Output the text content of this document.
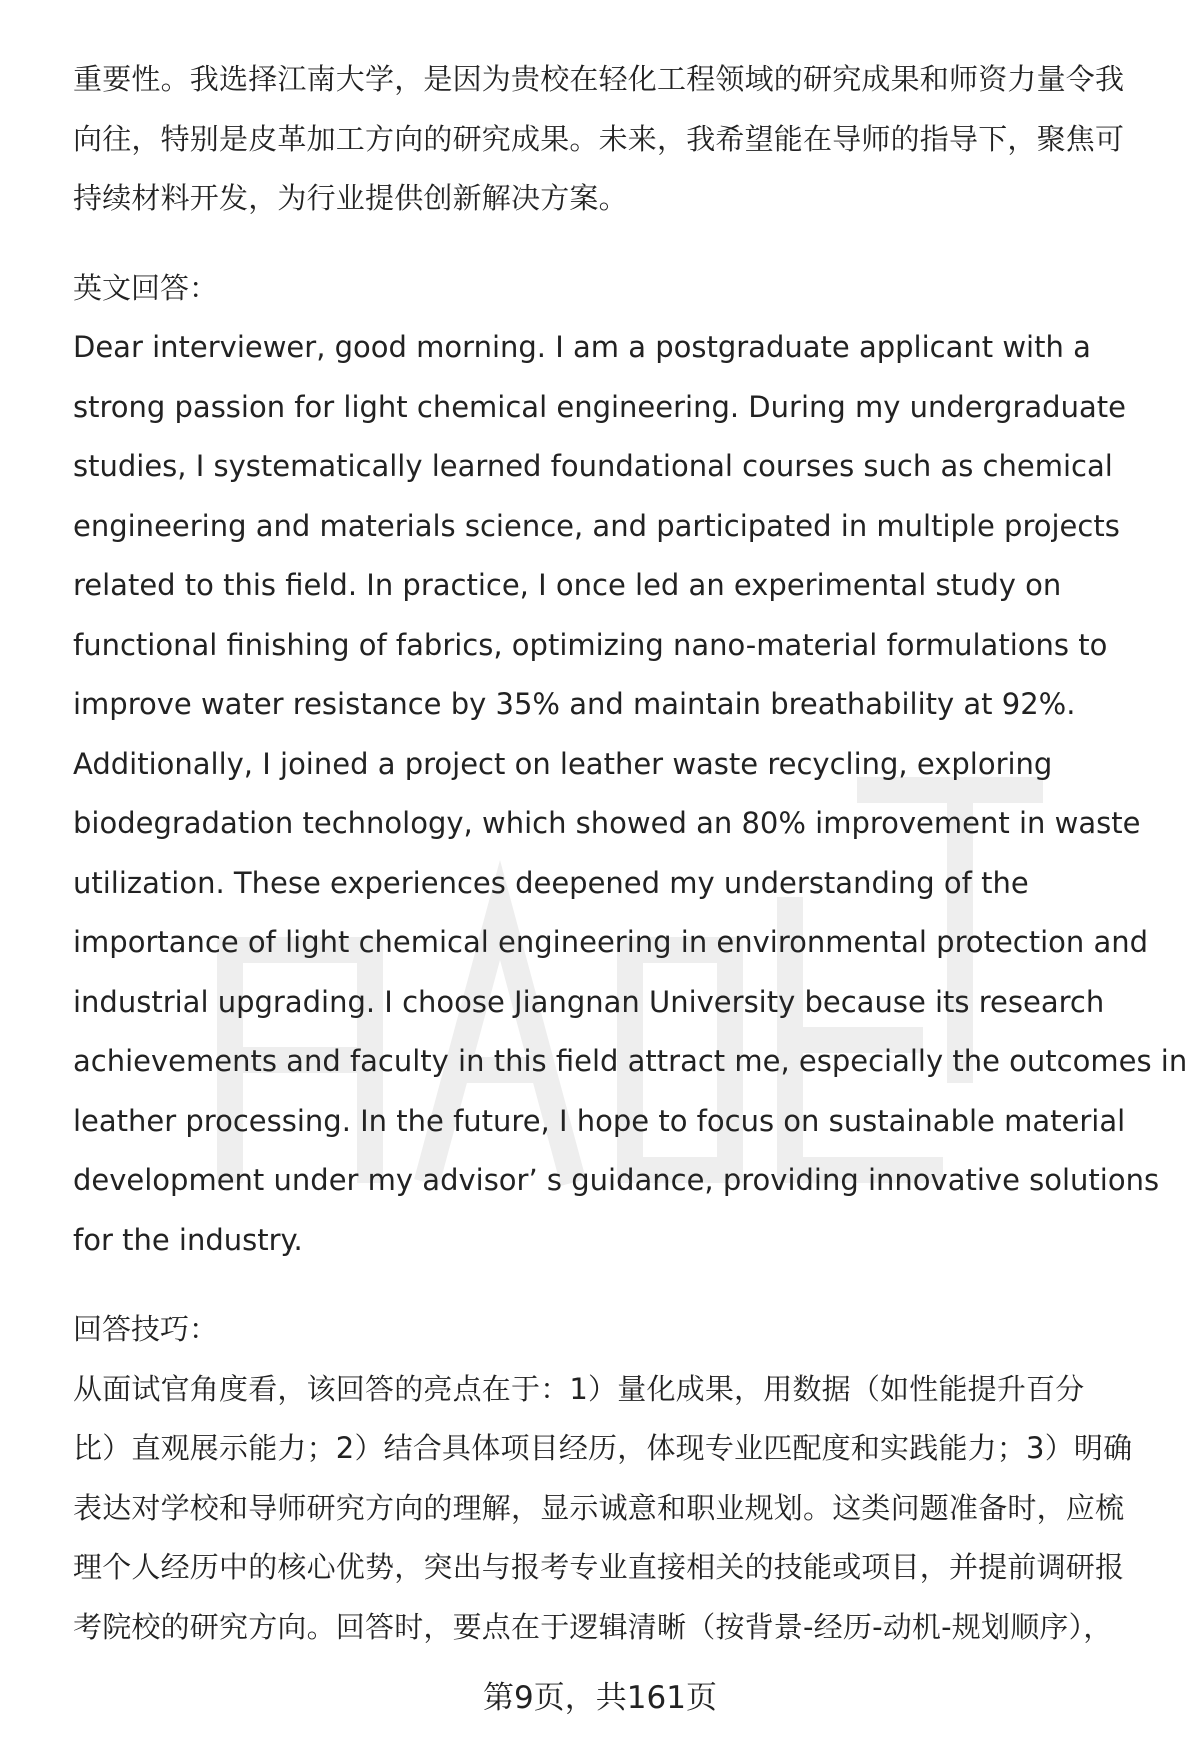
重要性。我选择江南大学，是因为贵校在轻化工程领域的研究成果和师资力量令我
向往，特别是皮革加工方向的研究成果。未来，我希望能在导师的指导下，聚焦可
持续材料开发，为行业提供创新解决方案。
英文回答：
Dear interviewer, good morning. I am a postgraduate applicant with a
strong passion for light chemical engineering. During my undergraduate
studies, I systematically learned foundational courses such as chemical
engineering and materials science, and participated in multiple projects
related to this field. In practice, I once led an experimental study on
functional finishing of fabrics, optimizing nano-material formulations to
improve water resistance by 35% and maintain breathability at 92%.
Additionally, I joined a project on leather waste recycling, exploring
biodegradation technology, which showed an 80% improvement in waste
utilization. These experiences deepened my understanding of the
importance of light chemical engineering in environmental protection and
industrial upgrading. I choose Jiangnan University because its research
achievements and faculty in this field attract me, especially the outcomes in
leather processing. In the future, I hope to focus on sustainable material
development under my advisor’ s guidance, providing innovative solutions
for the industry.
回答技巧：
从面试官角度看，该回答的亮点在于：1）量化成果，用数据（如性能提升百分
比）直观展示能力；2）结合具体项目经历，体现专业匹配度和实践能力；3）明确
表达对学校和导师研究方向的理解，显示诚意和职业规划。这类问题准备时，应梳
理个人经历中的核心优势，突出与报考专业直接相关的技能或项目，并提前调研报
考院校的研究方向。回答时，要点在于逻辑清晰（按背景-经历-动机-规划顺序），
第9页，共161页
